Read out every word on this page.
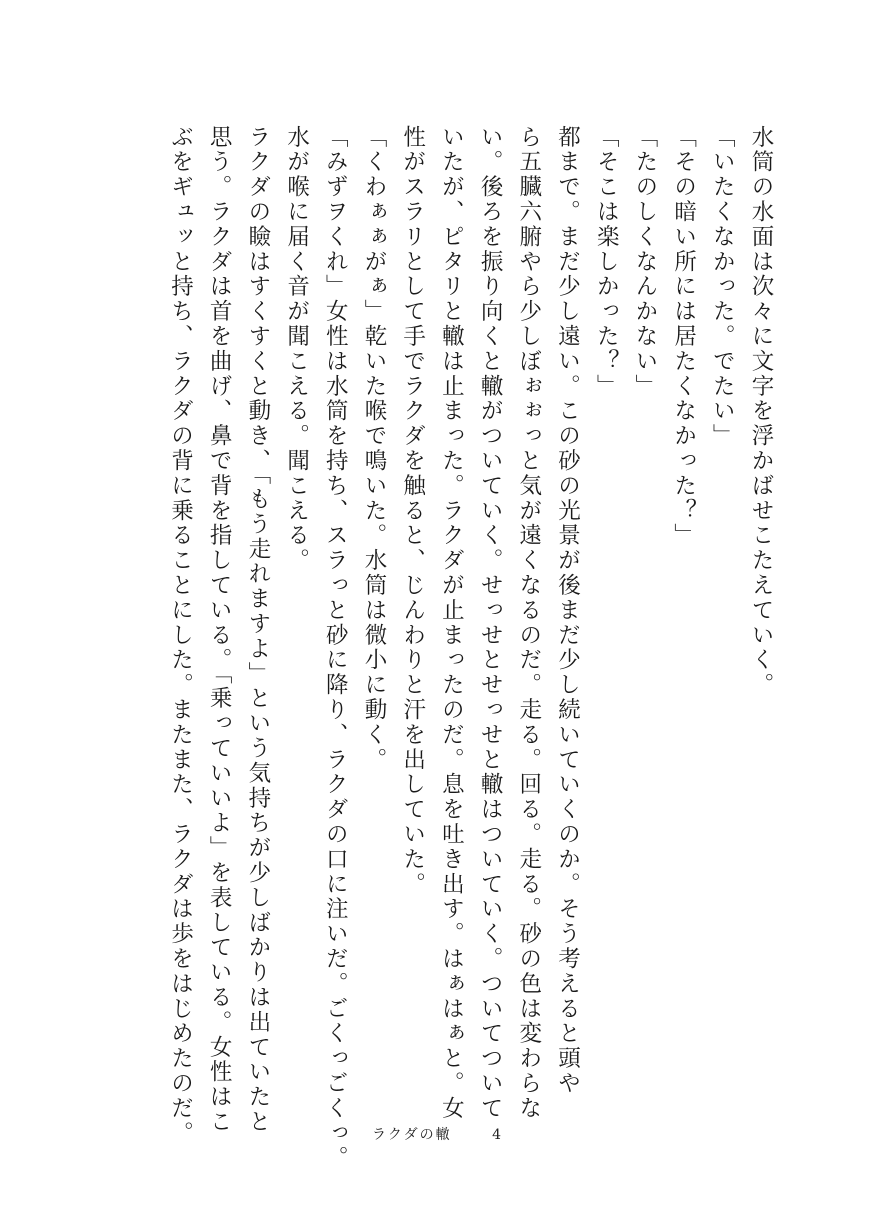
水筒の水面は次々に文字を浮かばせこたえていく。
「いたくなかった。でたい」
「その暗い所には居たくなかった？」
「たのしくなんかない」
「そこは楽しかった？」
都まで。まだ少し遠い。この砂の光景が後まだ少し続いていくのか。そう考えると頭や
ら五臓六腑やら少しぼぉぉっと気が遠くなるのだ。走る。回る。走る。砂の色は変わらな
い。後ろを振り向くと轍がついていく。せっせとせっせと轍はついていく。ついてついて
いたが、ピタリと轍は止まった。ラクダが止まったのだ。息を吐き出す。はぁはぁと。女
性がスラリとして手でラクダを触ると、じんわりと汗を出していた。
「くわぁぁがぁ」乾いた喉で鳴いた。水筒は微小に動く。
「みずヲくれ」女性は水筒を持ち、スラっと砂に降り、ラクダの口に注いだ。ごくっごくっ。
水が喉に届く音が聞こえる。聞こえる。
ラクダの瞼はすくすくと動き、「もう走れますよ」という気持ちが少しばかりは出ていたと
思う。ラクダは首を曲げ、鼻で背を指している。「乗っていいよ」を表している。女性はこ
ぶをギュッと持ち、ラクダの背に乗ることにした。またまた、ラクダは歩をはじめたのだ。	ラクダの轍	4
